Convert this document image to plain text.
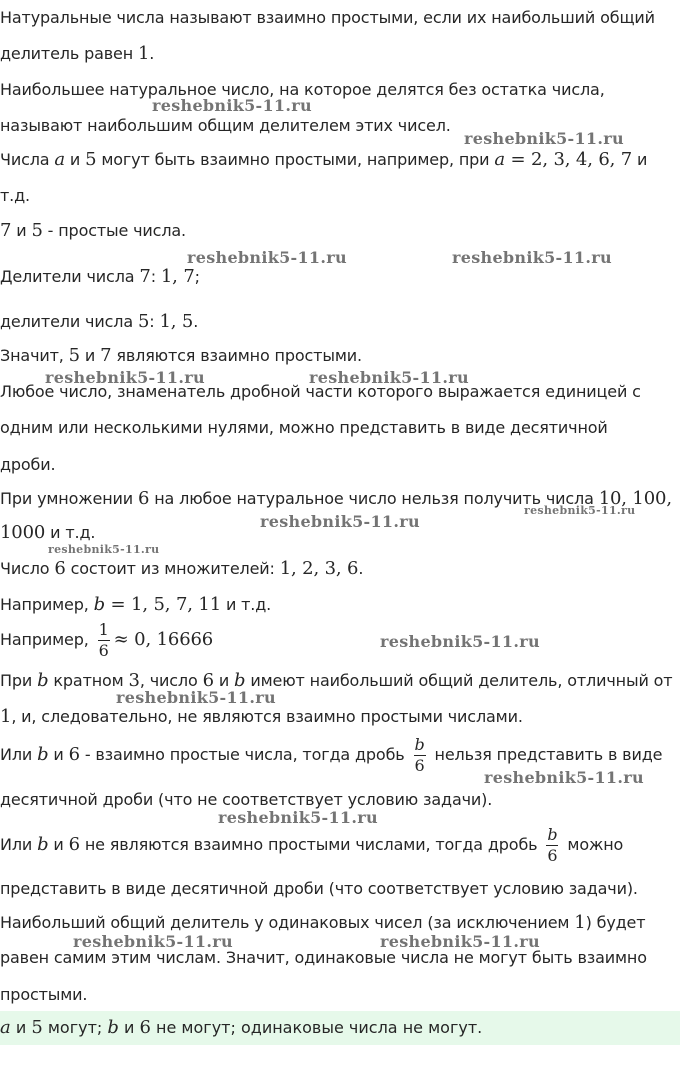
Натуральные числа называют взаимно простыми, если их наибольший общий
делитель равен 1.
Наибольшее натуральное число, на которое делятся без остатка числа,
называют наибольшим общим делителем этих чисел.
Числа a и 5 могут быть взаимно простыми, например, при a = 2, 3, 4, 6, 7 и
т.д.
7 и 5 - простые числа.
Делители числа 7: 1, 7;
делители числа 5: 1, 5.
Значит, 5 и 7 являются взаимно простыми.
Любое число, знаменатель дробной части которого выражается единицей с
одним или несколькими нулями, можно представить в виде десятичной
дроби.
При умножении 6 на любое натуральное число нельзя получить числа 10, 100,
1000 и т.д.
Число 6 состоит из множителей: 1, 2, 3, 6.
Например, b = 1, 5, 7, 11 и т.д.
Например, $\frac{1}{6} \approx 0$, 16666
При b кратном 3, число 6 и b имеют наибольший общий делитель, отличный от
1, и, следовательно, не являются взаимно простыми числами.
Или b и 6 - взаимно простые числа, тогда дробь $\frac{b}{6}$ нельзя представить в виде
десятичной дроби (что не соответствует условию задачи).
Или b и 6 не являются взаимно простыми числами, тогда дробь $\frac{b}{6}$ можно
представить в виде десятичной дроби (что соответствует условию задачи).
Наибольший общий делитель у одинаковых чисел (за исключением 1) будет
равен самим этим числам. Значит, одинаковые числа не могут быть взаимно
простыми.
a и 5 могут; b и 6 не могут; одинаковые числа не могут.
reshebnik5-11.ru
reshebnik5-11.ru
reshebnik5-11.ru	reshebnik5-11.ru
reshebnik5-11.ru	reshebnik5-11.ru
reshebnik5-11.ru
reshebnik5-11.ru
reshebnik5-11.ru
reshebnik5-11.ru
reshebnik5-11.ru
reshebnik5-11.ru
reshebnik5-11.ru
reshebnik5-11.ru	reshebnik5-11.ru
